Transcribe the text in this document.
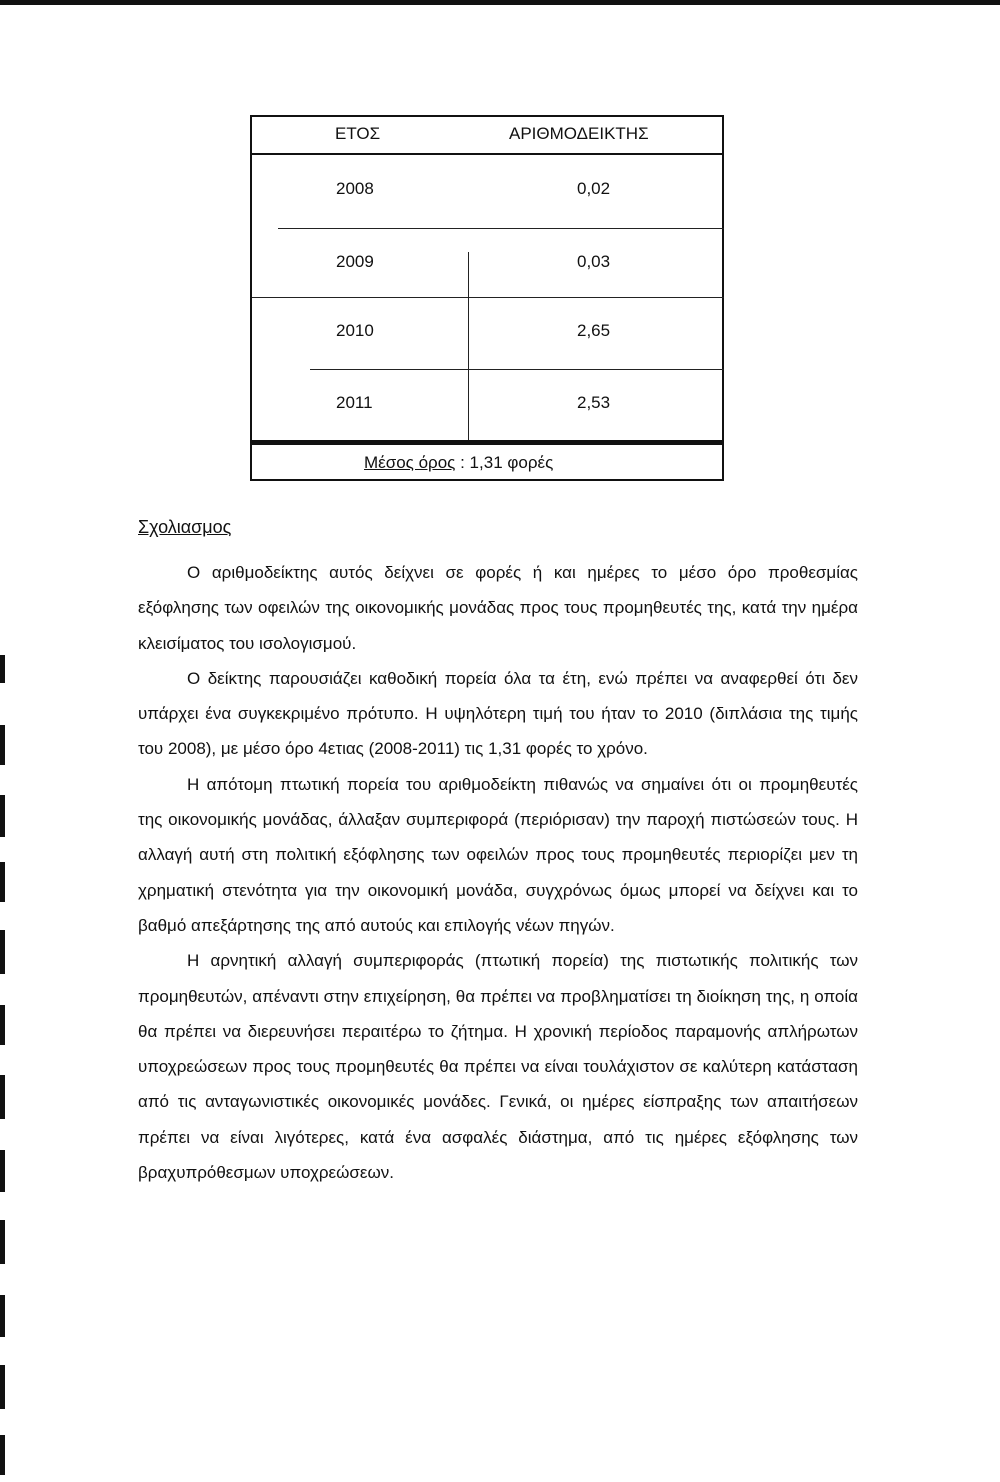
ΕΤΟΣ	ΑΡΙΘΜΟΔΕΙΚΤΗΣ
2008	0,02
2009	0,03
2010	2,65
2011	2,53
Μέσος όρος : 1,31 φορές
Σχολιασμος

Ο αριθμοδείκτης αυτός δείχνει σε φορές ή και ημέρες το μέσο όρο προθεσμίας εξόφλησης των οφειλών της οικονομικής μονάδας προς τους προμηθευτές της, κατά την ημέρα κλεισίματος του ισολογισμού.

Ο δείκτης παρουσιάζει καθοδική πορεία όλα τα έτη, ενώ πρέπει να αναφερθεί ότι δεν υπάρχει ένα συγκεκριμένο πρότυπο. Η υψηλότερη τιμή του ήταν το 2010 (διπλάσια της τιμής του 2008), με μέσο όρο 4ετιας (2008-2011) τις 1,31 φορές το χρόνο.

Η απότομη πτωτική πορεία του αριθμοδείκτη πιθανώς να σημαίνει ότι οι προμηθευτές της οικονομικής μονάδας, άλλαξαν συμπεριφορά (περιόρισαν) την παροχή πιστώσεών τους. Η αλλαγή αυτή στη πολιτική εξόφλησης των οφειλών προς τους προμηθευτές περιορίζει μεν τη χρηματική στενότητα για την οικονομική μονάδα, συγχρόνως όμως μπορεί να δείχνει και το βαθμό απεξάρτησης της από αυτούς και επιλογής νέων πηγών.

Η αρνητική αλλαγή συμπεριφοράς (πτωτική πορεία) της πιστωτικής πολιτικής των προμηθευτών, απέναντι στην επιχείρηση, θα πρέπει να προβληματίσει τη διοίκηση της, η οποία θα πρέπει να διερευνήσει περαιτέρω το ζήτημα. Η χρονική περίοδος παραμονής απλήρωτων υποχρεώσεων προς τους προμηθευτές θα πρέπει να είναι τουλάχιστον σε καλύτερη κατάσταση από τις ανταγωνιστικές οικονομικές μονάδες. Γενικά, οι ημέρες είσπραξης των απαιτήσεων πρέπει να είναι λιγότερες, κατά ένα ασφαλές διάστημα, από τις ημέρες εξόφλησης των βραχυπρόθεσμων υποχρεώσεων.
